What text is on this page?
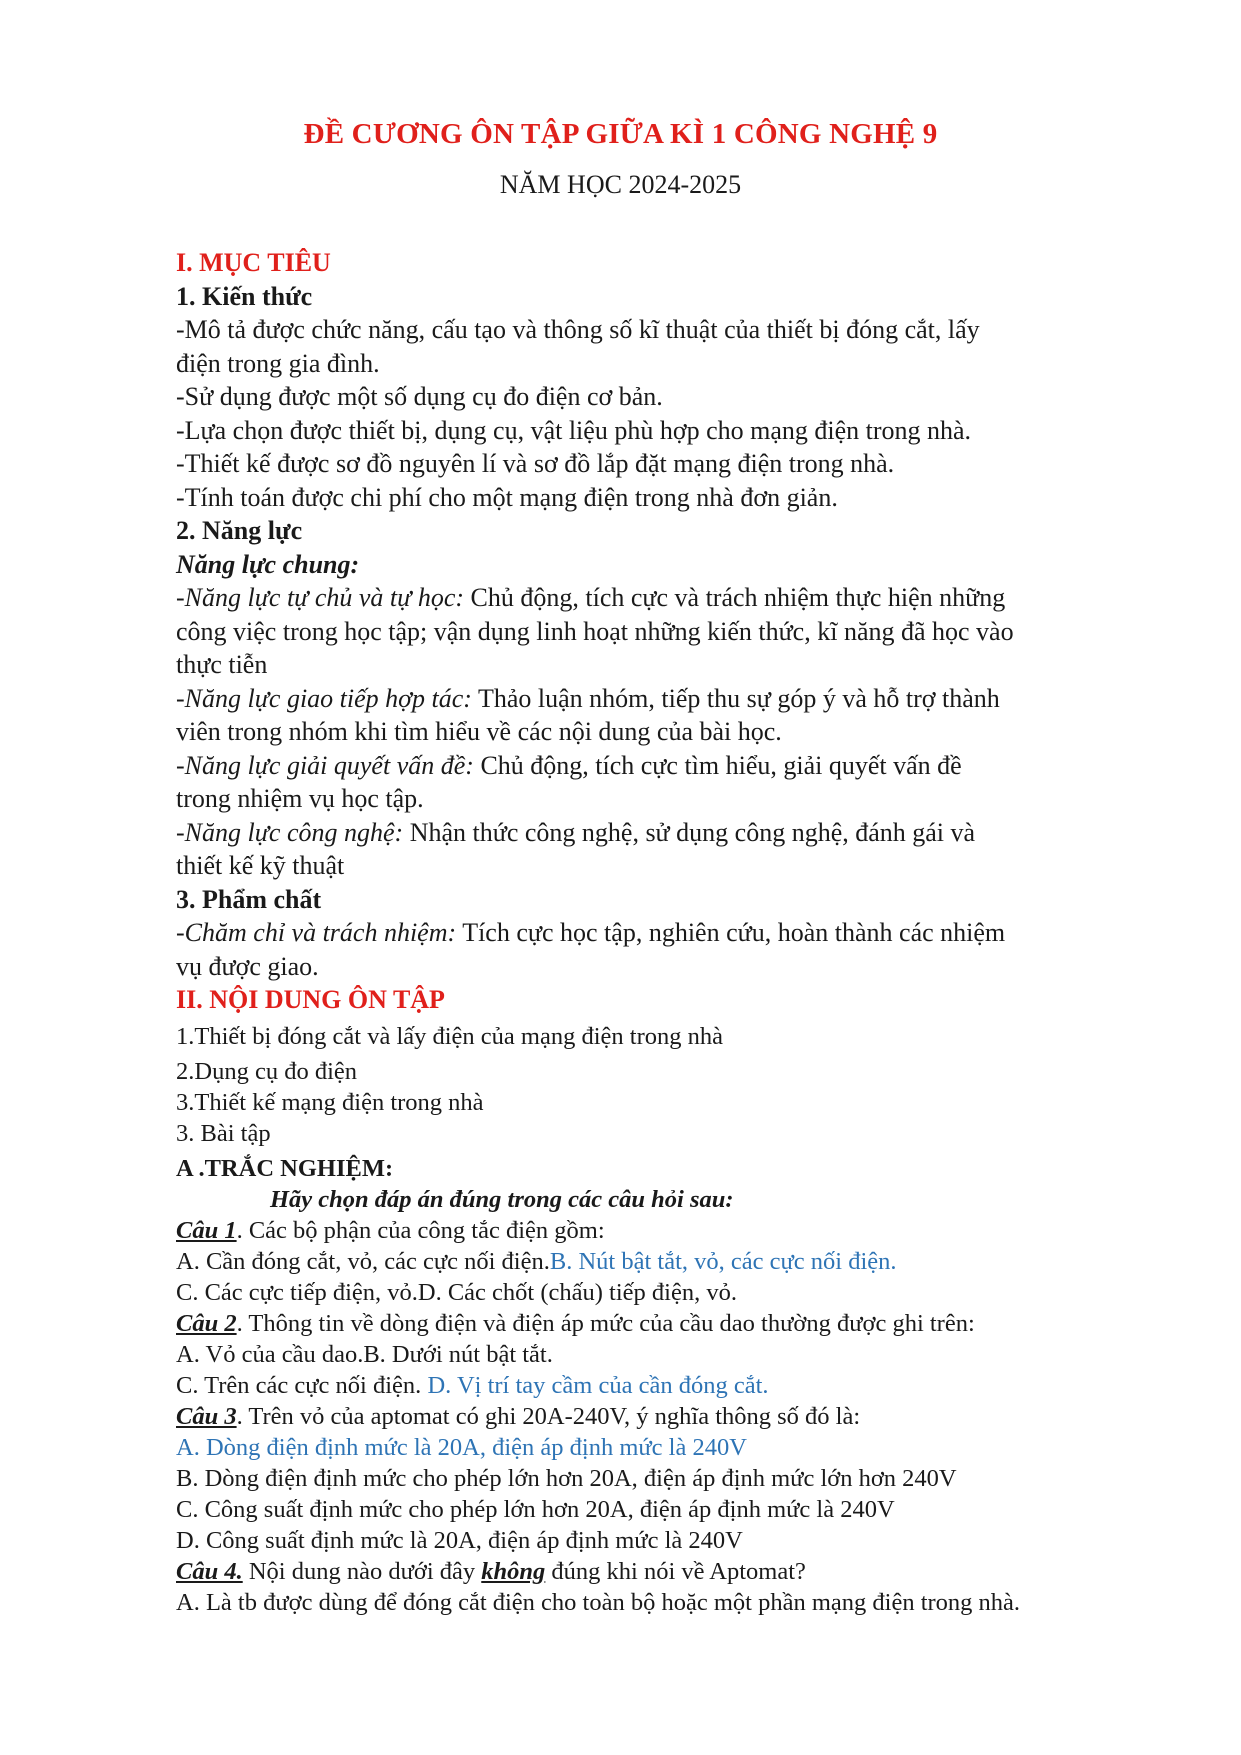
ĐỀ CƯƠNG ÔN TẬP GIỮA KÌ 1 CÔNG NGHỆ 9
NĂM HỌC 2024-2025
I. MỤC TIÊU
1. Kiến thức
-Mô tả được chức năng, cấu tạo và thông số kĩ thuật của thiết bị đóng cắt, lấy
điện trong gia đình.
-Sử dụng được một số dụng cụ đo điện cơ bản.
-Lựa chọn được thiết bị, dụng cụ, vật liệu phù hợp cho mạng điện trong nhà.
-Thiết kế được sơ đồ nguyên lí và sơ đồ lắp đặt mạng điện trong nhà.
-Tính toán được chi phí cho một mạng điện trong nhà đơn giản.
2. Năng lực
Năng lực chung:
-Năng lực tự chủ và tự học: Chủ động, tích cực và trách nhiệm thực hiện những
công việc trong học tập; vận dụng linh hoạt những kiến thức, kĩ năng đã học vào
thực tiễn
-Năng lực giao tiếp hợp tác: Thảo luận nhóm, tiếp thu sự góp ý và hỗ trợ thành
viên trong nhóm khi tìm hiểu về các nội dung của bài học.
-Năng lực giải quyết vấn đề: Chủ động, tích cực tìm hiểu, giải quyết vấn đề
trong nhiệm vụ học tập.
-Năng lực công nghệ: Nhận thức công nghệ, sử dụng công nghệ, đánh gái và
thiết kế kỹ thuật
3. Phẩm chất
-Chăm chỉ và trách nhiệm: Tích cực học tập, nghiên cứu, hoàn thành các nhiệm
vụ được giao.
II. NỘI DUNG ÔN TẬP
1.Thiết bị đóng cắt và lấy điện của mạng điện trong nhà
2.Dụng cụ đo điện
3.Thiết kế mạng điện trong nhà
3. Bài tập
A .TRẮC NGHIỆM:
Hãy chọn đáp án đúng trong các câu hỏi sau:
Câu 1. Các bộ phận của công tắc điện gồm:
A. Cần đóng cắt, vỏ, các cực nối điện.B. Nút bật tắt, vỏ, các cực nối điện.
C. Các cực tiếp điện, vỏ.D. Các chốt (chấu) tiếp điện, vỏ.
Câu 2. Thông tin về dòng điện và điện áp mức của cầu dao thường được ghi trên:
A. Vỏ của cầu dao.B. Dưới nút bật tắt.
C. Trên các cực nối điện. D. Vị trí tay cầm của cần đóng cắt.
Câu 3. Trên vỏ của aptomat có ghi 20A-240V, ý nghĩa thông số đó là:
A. Dòng điện định mức là 20A, điện áp định mức là 240V
B. Dòng điện định mức cho phép lớn hơn 20A, điện áp định mức lớn hơn 240V
C. Công suất định mức cho phép lớn hơn 20A, điện áp định mức là 240V
D. Công suất định mức là 20A, điện áp định mức là 240V
Câu 4. Nội dung nào dưới đây không đúng khi nói về Aptomat?
A. Là tb được dùng để đóng cắt điện cho toàn bộ hoặc một phần mạng điện trong nhà.
